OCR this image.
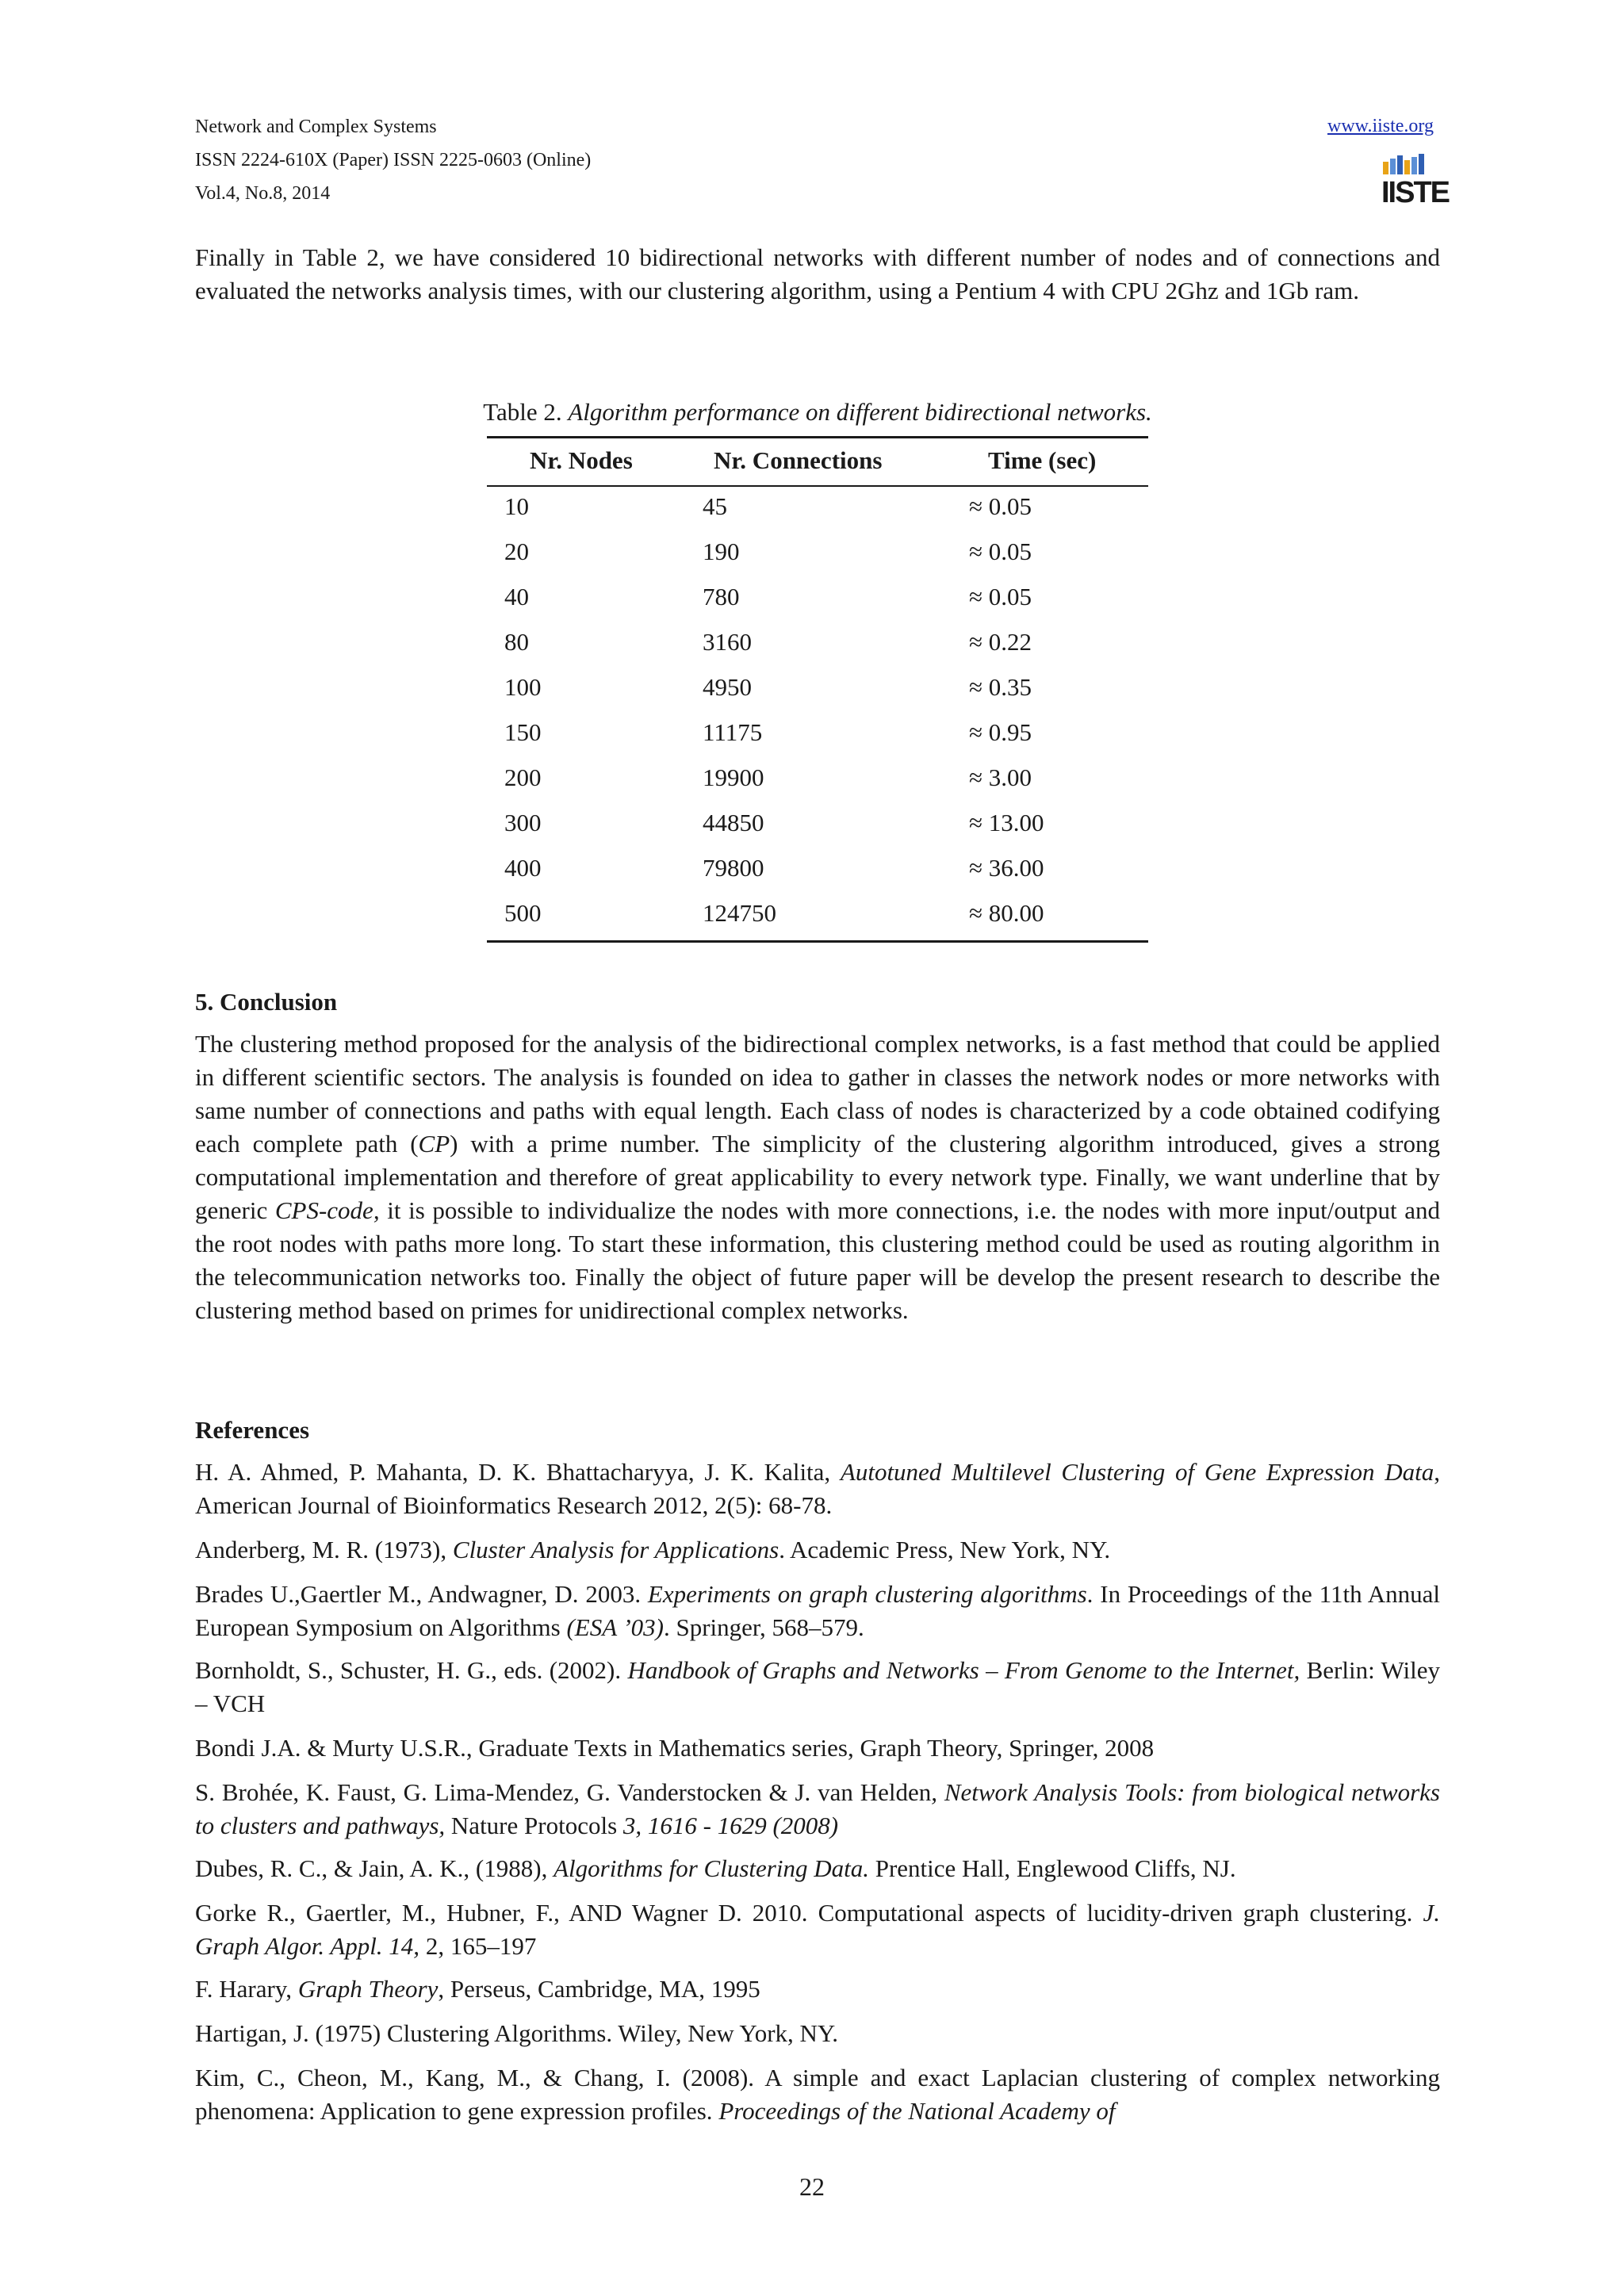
Network and Complex Systems
ISSN 2224-610X (Paper) ISSN 2225-0603 (Online)
Vol.4, No.8, 2014
www.iiste.org
IISTE
Finally in Table 2, we have considered 10 bidirectional networks with different number of nodes and of connections and evaluated the networks analysis times, with our clustering algorithm, using a Pentium 4 with CPU 2Ghz and 1Gb ram.
Table 2. Algorithm performance on different bidirectional networks.
Nr. Nodes	Nr. Connections	Time (sec)
10	45	≈ 0.05
20	190	≈ 0.05
40	780	≈ 0.05
80	3160	≈ 0.22
100	4950	≈ 0.35
150	11175	≈ 0.95
200	19900	≈ 3.00
300	44850	≈ 13.00
400	79800	≈ 36.00
500	124750	≈ 80.00
5. Conclusion
The clustering method proposed for the analysis of the bidirectional complex networks, is a fast method that could be applied in different scientific sectors. The analysis is founded on idea to gather in classes the network nodes or more networks with same number of connections and paths with equal length. Each class of nodes is characterized by a code obtained codifying each complete path (CP) with a prime number. The simplicity of the clustering algorithm introduced, gives a strong computational implementation and therefore of great applicability to every network type. Finally, we want underline that by generic CPS-code, it is possible to individualize the nodes with more connections, i.e. the nodes with more input/output and the root nodes with paths more long. To start these information, this clustering method could be used as routing algorithm in the telecommunication networks too. Finally the object of future paper will be develop the present research to describe the clustering method based on primes for unidirectional complex networks.
References
H. A. Ahmed, P. Mahanta, D. K. Bhattacharyya, J. K. Kalita, Autotuned Multilevel Clustering of Gene Expression Data, American Journal of Bioinformatics Research 2012, 2(5): 68-78.
Anderberg, M. R. (1973), Cluster Analysis for Applications. Academic Press, New York, NY.
Brades U.,Gaertler M., Andwagner, D. 2003. Experiments on graph clustering algorithms. In Proceedings of the 11th Annual European Symposium on Algorithms (ESA ’03). Springer, 568–579.
Bornholdt, S., Schuster, H. G., eds. (2002). Handbook of Graphs and Networks – From Genome to the Internet, Berlin: Wiley – VCH
Bondi J.A. & Murty U.S.R., Graduate Texts in Mathematics series, Graph Theory, Springer, 2008
S. Brohée, K. Faust, G. Lima-Mendez, G. Vanderstocken & J. van Helden, Network Analysis Tools: from biological networks to clusters and pathways, Nature Protocols 3, 1616 - 1629 (2008)
Dubes, R. C., & Jain, A. K., (1988), Algorithms for Clustering Data. Prentice Hall, Englewood Cliffs, NJ.
Gorke R., Gaertler, M., Hubner, F., AND Wagner D. 2010. Computational aspects of lucidity-driven graph clustering. J. Graph Algor. Appl. 14, 2, 165–197
F. Harary, Graph Theory, Perseus, Cambridge, MA, 1995
Hartigan, J. (1975) Clustering Algorithms. Wiley, New York, NY.
Kim, C., Cheon, M., Kang, M., & Chang, I. (2008). A simple and exact Laplacian clustering of complex networking phenomena: Application to gene expression profiles. Proceedings of the National Academy of
22
